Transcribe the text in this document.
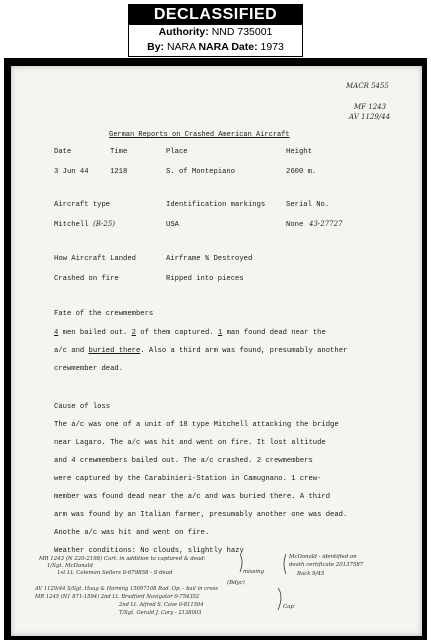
DECLASSIFIED
Authority: NND 735001
By: NARA NARA Date: 1973
MACR 5455
MF 1243
AV 1129/44
German Reports on Crashed American Aircraft
Date	Time	Place	Height
3 Jun 44	1218	S. of Montepiano	2600 m.
Aircraft type	Identification markings	Serial No.
Mitchell (B-25)	USA	None 43-27727
How Aircraft Landed	Airframe % Destroyed
Crashed on fire	Ripped into pieces
Fate of the crewmembers
4 men bailed out. 2 of them captured. 1 man found dead near the
a/c and buried there. Also a third arm was found, presumably another
crewmember dead.
Cause of loss
The a/c was one of a unit of 18 type Mitchell attacking the bridge
near Lagaro. The a/c was hit and went on fire. It lost altitude
and 4 crewmembers bailed out. The a/c crashed. 2 crewmembers
were captured by the Carabinieri-Station in Camugnano. 1 crew-
member was found dead near the a/c and was buried there. A third
arm was found by an Italian farmer, presumably another one was dead.
Anothe a/c was hit and went on fire.
Weather conditions: No clouds, slightly hazy
MR 1243 (N 220-2198) Cart. in addition to captured & dead:
1/Sgt. McDonald
1st Lt. Coleman Sellers 0-679858 - S dead
AV 1129/44 S/Sgt. Haag & Horning 15097108 Rad. Op. - bail in cross
MR 1245 (N1 871-1594) 2nd Lt. Bradford Navigator 0-754352
2nd Lt. Alfred S. Cave 0-811504
T/Sgt. Gerald J. Cary - 2138003
McDonald - identified on
death certificate 20137587
Back 9/45
missing
(Bdyc)
Cap
